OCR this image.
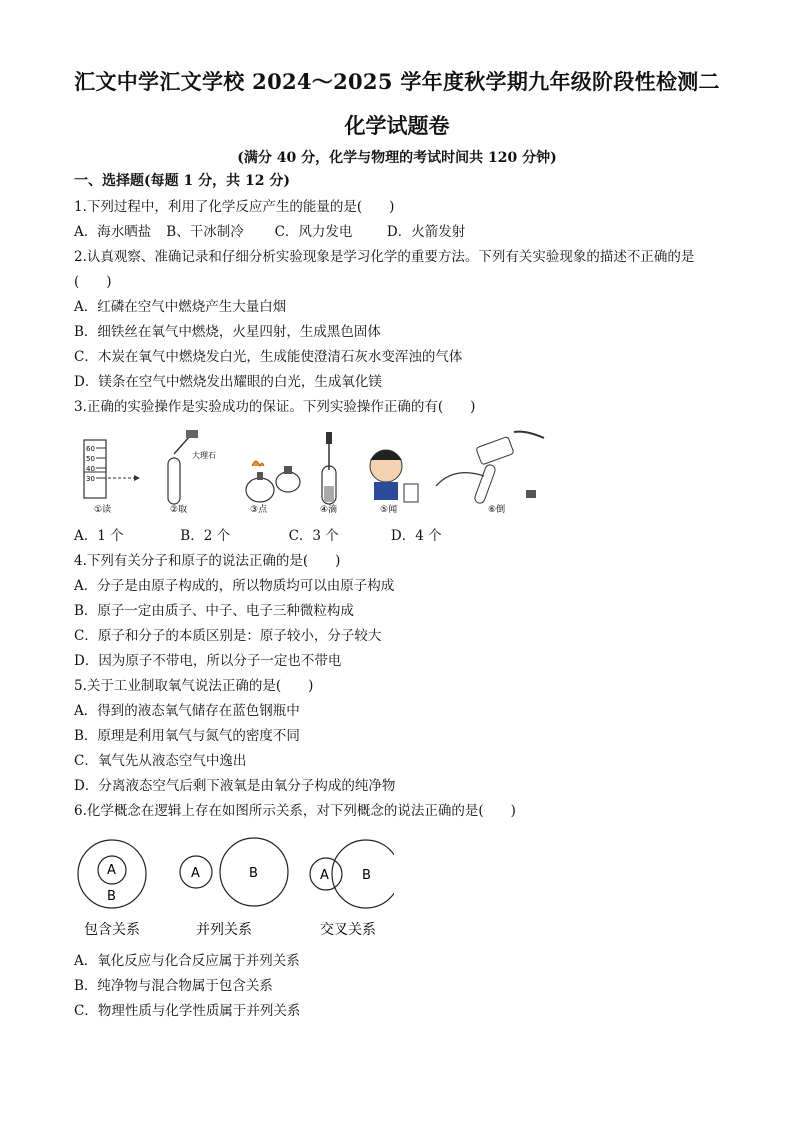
汇文中学汇文学校 2024～2025 学年度秋学期九年级阶段性检测二
化学试题卷
(满分 40 分，化学与物理的考试时间共 120 分钟)
一、选择题(每题 1 分，共 12 分)
1.下列过程中，利用了化学反应产生的能量的是(　　)
A．海水晒盐 B、干冰制冷 C．风力发电	D．火箭发射
2.认真观察、准确记录和仔细分析实验现象是学习化学的重要方法。下列有关实验现象的描述不正确的是
(　　)
A．红磷在空气中燃烧产生大量白烟
B．细铁丝在氧气中燃烧，火星四射，生成黑色固体
C．木炭在氧气中燃烧发白光，生成能使澄清石灰水变浑浊的气体
D．镁条在空气中燃烧发出耀眼的白光，生成氧化镁
3.正确的实验操作是实验成功的保证。下列实验操作正确的有(　　)
60
50
40
30
①读
大理石
②取	③点	④滴	⑤闻	⑥倒
A．1 个	B．2 个	C．3 个	D．4 个
4.下列有关分子和原子的说法正确的是(　　)
A．分子是由原子构成的，所以物质均可以由原子构成
B．原子一定由质子、中子、电子三种微粒构成
C．原子和分子的本质区别是：原子较小，分子较大
D．因为原子不带电，所以分子一定也不带电
5.关于工业制取氧气说法正确的是(　　)
A．得到的液态氧气储存在蓝色钢瓶中
B．原理是利用氧气与氮气的密度不同
C．氧气先从液态空气中逸出
D．分离液态空气后剩下液氧是由氧分子构成的纯净物
6.化学概念在逻辑上存在如图所示关系，对下列概念的说法正确的是(　　)
A
B
包含关系
A	B
并列关系
A	B
交叉关系
A．氧化反应与化合反应属于并列关系
B．纯净物与混合物属于包含关系
C．物理性质与化学性质属于并列关系
